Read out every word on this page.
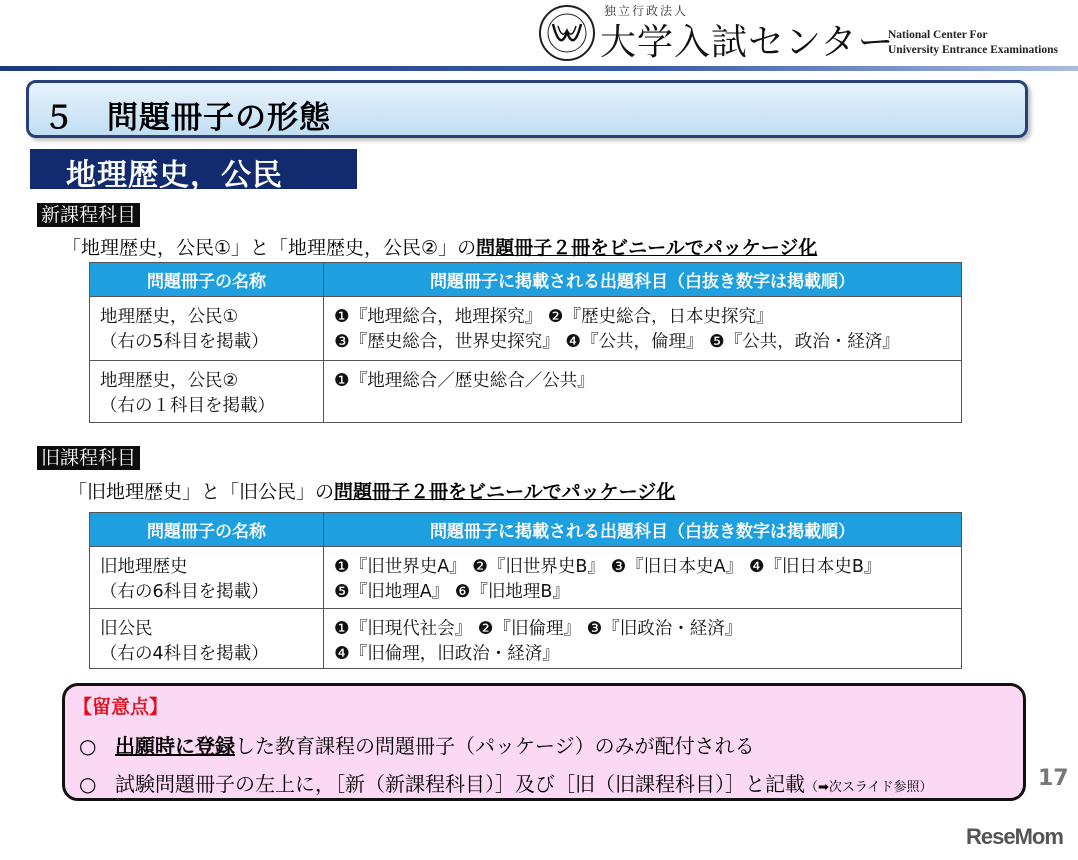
独立行政法人
大学入試センター
National Center For
University Entrance Examinations
５　問題冊子の形態
地理歴史，公民
新課程科目
「地理歴史，公民①」と「地理歴史，公民②」の問題冊子２冊をビニールでパッケージ化
問題冊子の名称	問題冊子に掲載される出題科目（白抜き数字は掲載順）

地理歴史，公民①
（右の5科目を掲載）	❶『地理総合，地理探究』 ❷『歴史総合，日本史探究』
❸『歴史総合，世界史探究』 ❹『公共，倫理』 ❺『公共，政治・経済』

地理歴史，公民②
（右の１科目を掲載）	❶『地理総合／歴史総合／公共』
旧課程科目
「旧地理歴史」と「旧公民」の問題冊子２冊をビニールでパッケージ化
問題冊子の名称	問題冊子に掲載される出題科目（白抜き数字は掲載順）

旧地理歴史
（右の6科目を掲載）	❶『旧世界史A』 ❷『旧世界史B』 ❸『旧日本史A』 ❹『旧日本史B』
❺『旧地理A』 ❻『旧地理B』

旧公民
（右の4科目を掲載）	❶『旧現代社会』 ❷『旧倫理』 ❸『旧政治・経済』
❹『旧倫理，旧政治・経済』
【留意点】
○ 出願時に登録した教育課程の問題冊子（パッケージ）のみが配付される
○ 試験問題冊子の左上に，［新（新課程科目）］及び［旧（旧課程科目）］と記載（➡次スライド参照）	17
ReseMom
